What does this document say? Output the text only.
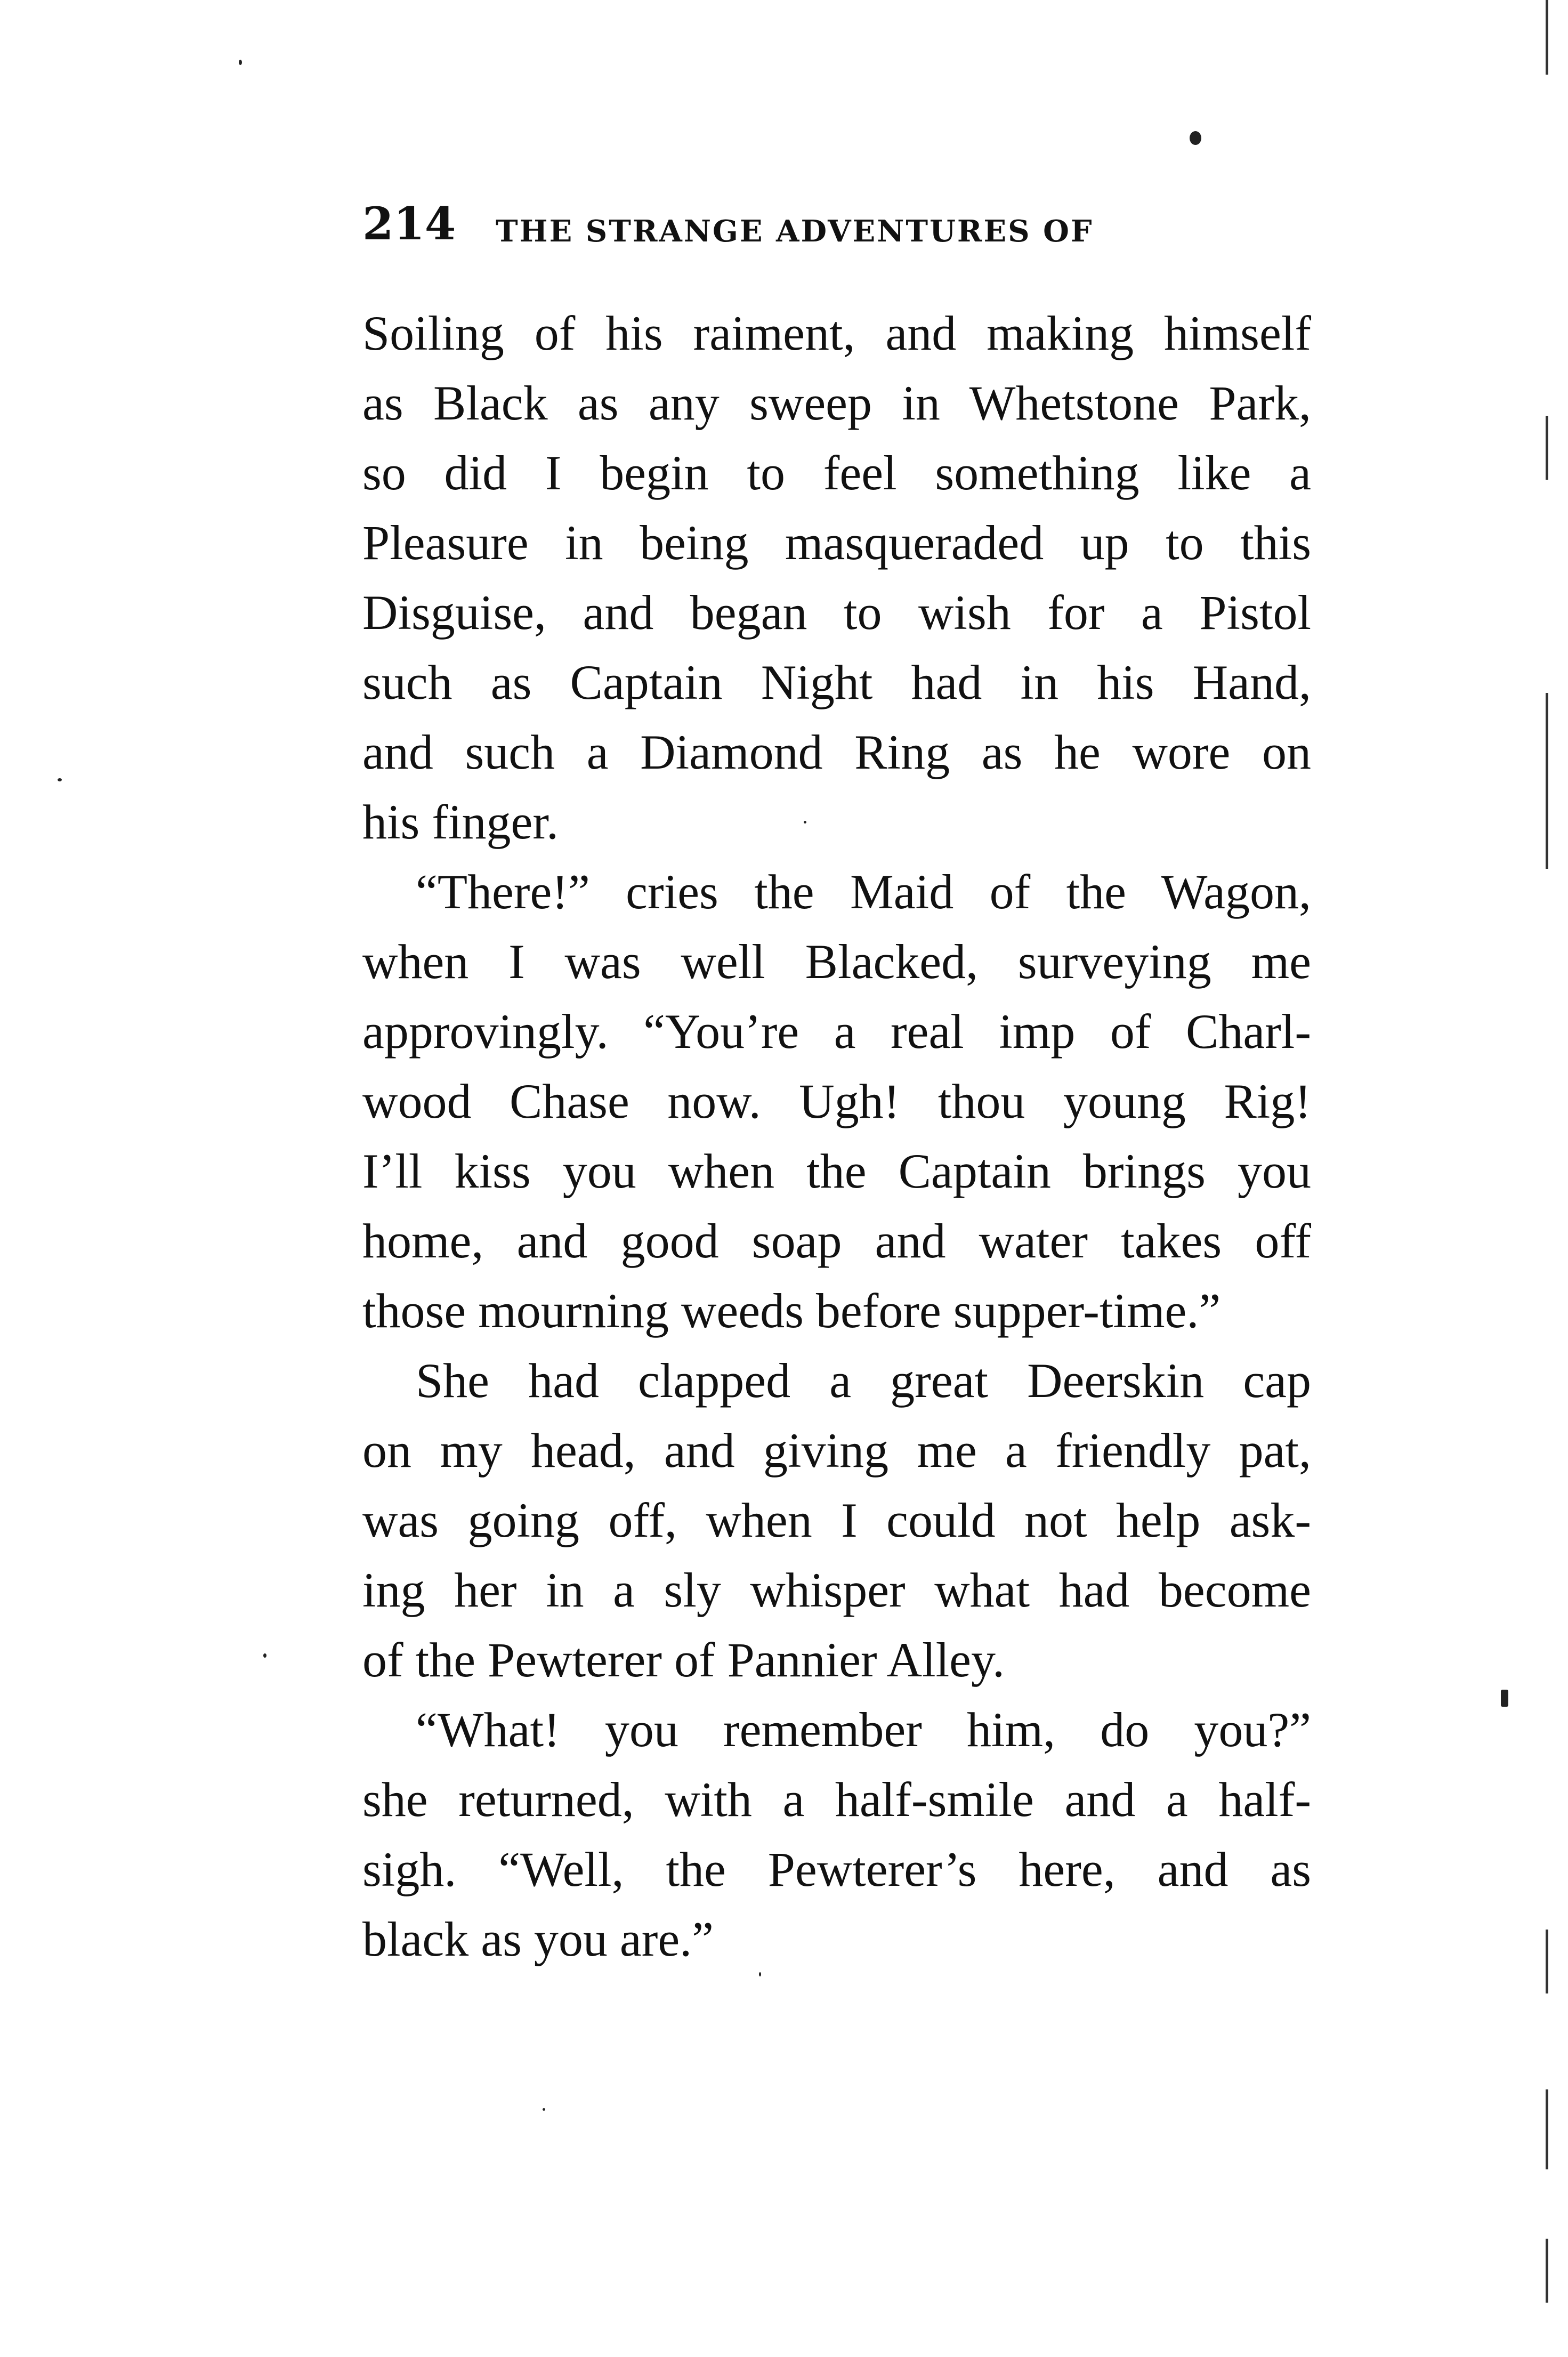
214 THE STRANGE ADVENTURES OF
Soiling of his raiment, and making himself
as Black as any sweep in Whetstone Park,
so did I begin to feel something like a
Pleasure in being masqueraded up to this
Disguise, and began to wish for a Pistol
such as Captain Night had in his Hand,
and such a Diamond Ring as he wore on
his finger.
“There!” cries the Maid of the Wagon,
when I was well Blacked, surveying me
approvingly. “You’re a real imp of Charl-
wood Chase now. Ugh! thou young Rig!
I’ll kiss you when the Captain brings you
home, and good soap and water takes off
those mourning weeds before supper-time.”
She had clapped a great Deerskin cap
on my head, and giving me a friendly pat,
was going off, when I could not help ask-
ing her in a sly whisper what had become
of the Pewterer of Pannier Alley.
“What! you remember him, do you?”
she returned, with a half-smile and a half-
sigh. “Well, the Pewterer’s here, and as
black as you are.”
